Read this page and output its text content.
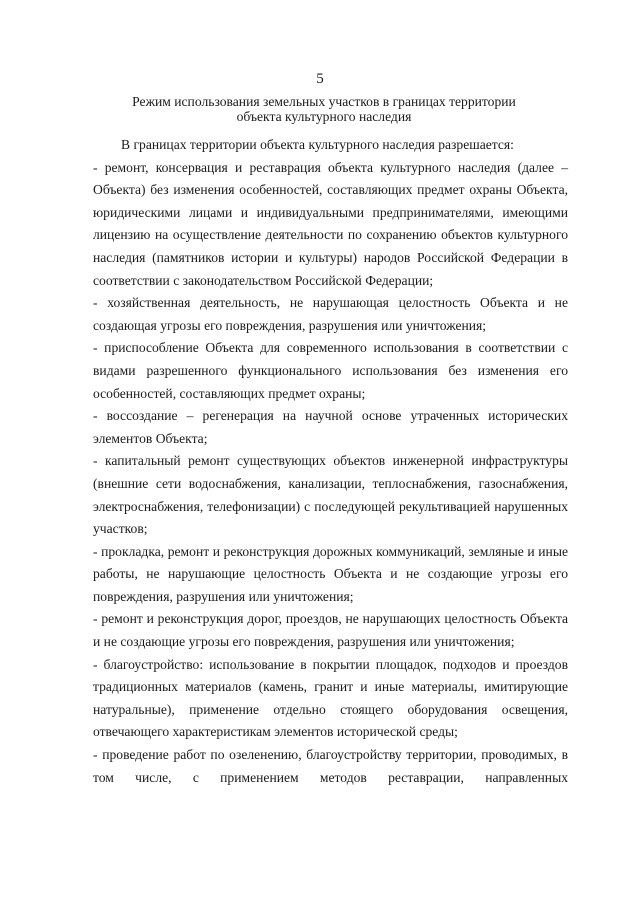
5
Режим использования земельных участков в границах территории объекта культурного наследия

В границах территории объекта культурного наследия разрешается:

- ремонт, консервация и реставрация объекта культурного наследия (далее – Объекта) без изменения особенностей, составляющих предмет охраны Объекта, юридическими лицами и индивидуальными предпринимателями, имеющими лицензию на осуществление деятельности по сохранению объектов культурного наследия (памятников истории и культуры) народов Российской Федерации в соответствии с законодательством Российской Федерации;

- хозяйственная деятельность, не нарушающая целостность Объекта и не создающая угрозы его повреждения, разрушения или уничтожения;

- приспособление Объекта для современного использования в соответствии с видами разрешенного функционального использования без изменения его особенностей, составляющих предмет охраны;

- воссоздание – регенерация на научной основе утраченных исторических элементов Объекта;

- капитальный ремонт существующих объектов инженерной инфраструктуры (внешние сети водоснабжения, канализации, теплоснабжения, газоснабжения, электроснабжения, телефонизации) с последующей рекультивацией нарушенных участков;

- прокладка, ремонт и реконструкция дорожных коммуникаций, земляные и иные работы, не нарушающие целостность Объекта и не создающие угрозы его повреждения, разрушения или уничтожения;

- ремонт и реконструкция дорог, проездов, не нарушающих целостность Объекта и не создающие угрозы его повреждения, разрушения или уничтожения;

- благоустройство: использование в покрытии площадок, подходов и проездов традиционных материалов (камень, гранит и иные материалы, имитирующие натуральные), применение отдельно стоящего оборудования освещения, отвечающего характеристикам элементов исторической среды;

- проведение работ по озеленению, благоустройству территории, проводимых, в том числе, с применением методов реставрации, направленных
